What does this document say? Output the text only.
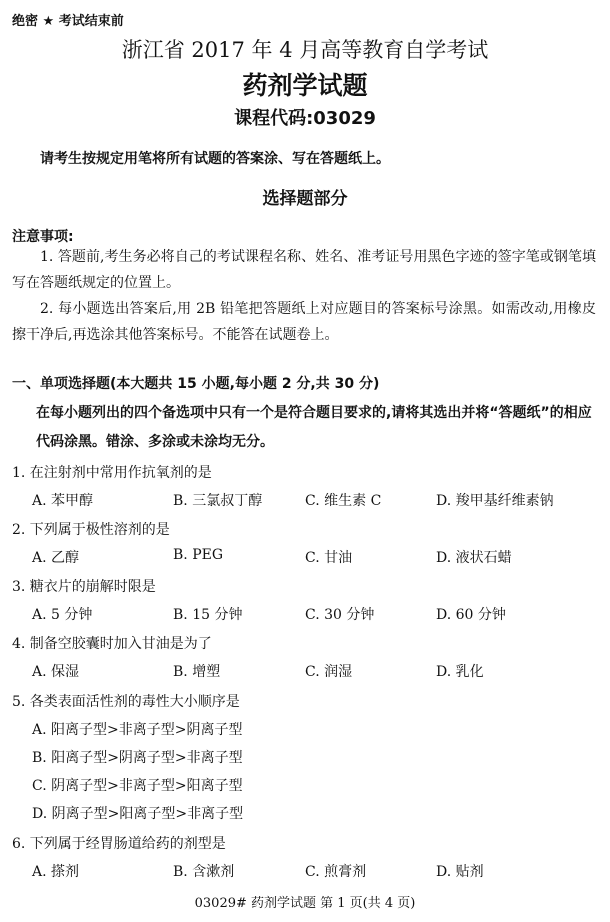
绝密 ★ 考试结束前
浙江省 2017 年 4 月高等教育自学考试
药剂学试题
课程代码:03029
请考生按规定用笔将所有试题的答案涂、写在答题纸上。
选择题部分
注意事项:
1. 答题前,考生务必将自己的考试课程名称、姓名、准考证号用黑色字迹的签字笔或钢笔填写在答题纸规定的位置上。
2. 每小题选出答案后,用 2B 铅笔把答题纸上对应题目的答案标号涂黑。如需改动,用橡皮擦干净后,再选涂其他答案标号。不能答在试题卷上。
一、单项选择题(本大题共 15 小题,每小题 2 分,共 30 分)
在每小题列出的四个备选项中只有一个是符合题目要求的,请将其选出并将“答题纸”的相应代码涂黑。错涂、多涂或未涂均无分。
1. 在注射剂中常用作抗氧剂的是
A. 苯甲醇	B. 三氯叔丁醇	C. 维生素 C	D. 羧甲基纤维素钠
2. 下列属于极性溶剂的是
A. 乙醇	B. PEG	C. 甘油	D. 液状石蜡
3. 糖衣片的崩解时限是
A. 5 分钟	B. 15 分钟	C. 30 分钟	D. 60 分钟
4. 制备空胶囊时加入甘油是为了
A. 保湿	B. 增塑	C. 润湿	D. 乳化
5. 各类表面活性剂的毒性大小顺序是
A. 阳离子型>非离子型>阴离子型
B. 阳离子型>阴离子型>非离子型
C. 阴离子型>非离子型>阳离子型
D. 阴离子型>阳离子型>非离子型
6. 下列属于经胃肠道给药的剂型是
A. 搽剂	B. 含漱剂	C. 煎膏剂	D. 贴剂
03029# 药剂学试题 第 1 页(共 4 页)
